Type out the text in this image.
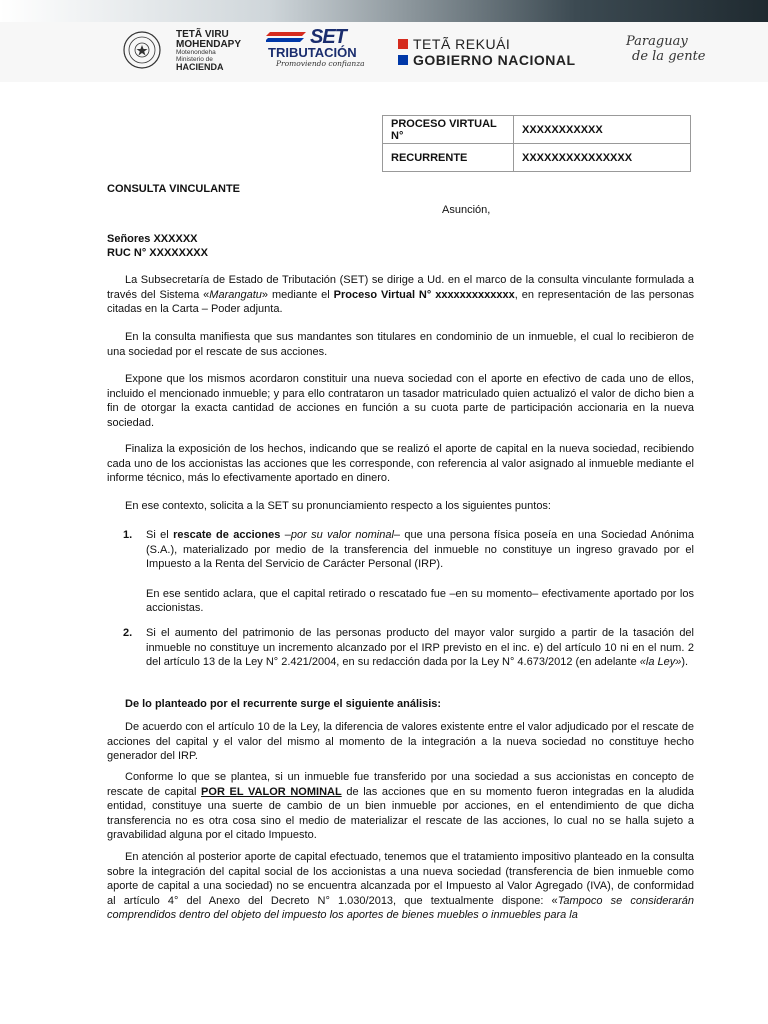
TETÃ VIRU
MOHENDAPY
Motenondeha
Ministerio de
HACIENDA
SET
TRIBUTACIÓN
Promoviendo confianza
TETÃ REKUÁI
GOBIERNO NACIONAL
Paraguay
de la gente
PROCESO VIRTUAL N°	XXXXXXXXXXX
RECURRENTE	XXXXXXXXXXXXXXX
CONSULTA VINCULANTE
Asunción,
Señores XXXXXX
RUC N° XXXXXXXX
La Subsecretaría de Estado de Tributación (SET) se dirige a Ud. en el marco de la consulta vinculante formulada a través del Sistema «Marangatu» mediante el Proceso Virtual N° xxxxxxxxxxxxx, en representación de las personas citadas en la Carta – Poder adjunta.
En la consulta manifiesta que sus mandantes son titulares en condominio de un inmueble, el cual lo recibieron de una sociedad por el rescate de sus acciones.
Expone que los mismos acordaron constituir una nueva sociedad con el aporte en efectivo de cada uno de ellos, incluido el mencionado inmueble; y para ello contrataron un tasador matriculado quien actualizó el valor de dicho bien a fin de otorgar la exacta cantidad de acciones en función a su cuota parte de participación accionaria en la nueva sociedad.
Finaliza la exposición de los hechos, indicando que se realizó el aporte de capital en la nueva sociedad, recibiendo cada uno de los accionistas las acciones que les corresponde, con referencia al valor asignado al inmueble mediante el informe técnico, más lo efectivamente aportado en dinero.
En ese contexto, solicita a la SET su pronunciamiento respecto a los siguientes puntos:
1. Si el rescate de acciones –por su valor nominal– que una persona física poseía en una Sociedad Anónima (S.A.), materializado por medio de la transferencia del inmueble no constituye un ingreso gravado por el Impuesto a la Renta del Servicio de Carácter Personal (IRP).
En ese sentido aclara, que el capital retirado o rescatado fue –en su momento– efectivamente aportado por los accionistas.
2. Si el aumento del patrimonio de las personas producto del mayor valor surgido a partir de la tasación del inmueble no constituye un incremento alcanzado por el IRP previsto en el inc. e) del artículo 10 ni en el num. 2 del artículo 13 de la Ley N° 2.421/2004, en su redacción dada por la Ley N° 4.673/2012 (en adelante «la Ley»).
De lo planteado por el recurrente surge el siguiente análisis:
De acuerdo con el artículo 10 de la Ley, la diferencia de valores existente entre el valor adjudicado por el rescate de acciones del capital y el valor del mismo al momento de la integración a la nueva sociedad no constituye hecho generador del IRP.
Conforme lo que se plantea, si un inmueble fue transferido por una sociedad a sus accionistas en concepto de rescate de capital POR EL VALOR NOMINAL de las acciones que en su momento fueron integradas en la aludida entidad, constituye una suerte de cambio de un bien inmueble por acciones, en el entendimiento de que dicha transferencia no es otra cosa sino el medio de materializar el rescate de las acciones, lo cual no se halla sujeto a gravabilidad alguna por el citado Impuesto.
En atención al posterior aporte de capital efectuado, tenemos que el tratamiento impositivo planteado en la consulta sobre la integración del capital social de los accionistas a una nueva sociedad (transferencia de bien inmueble como aporte de capital a una sociedad) no se encuentra alcanzada por el Impuesto al Valor Agregado (IVA), de conformidad al artículo 4° del Anexo del Decreto N° 1.030/2013, que textualmente dispone: «Tampoco se considerarán comprendidos dentro del objeto del impuesto los aportes de bienes muebles o inmuebles para la
